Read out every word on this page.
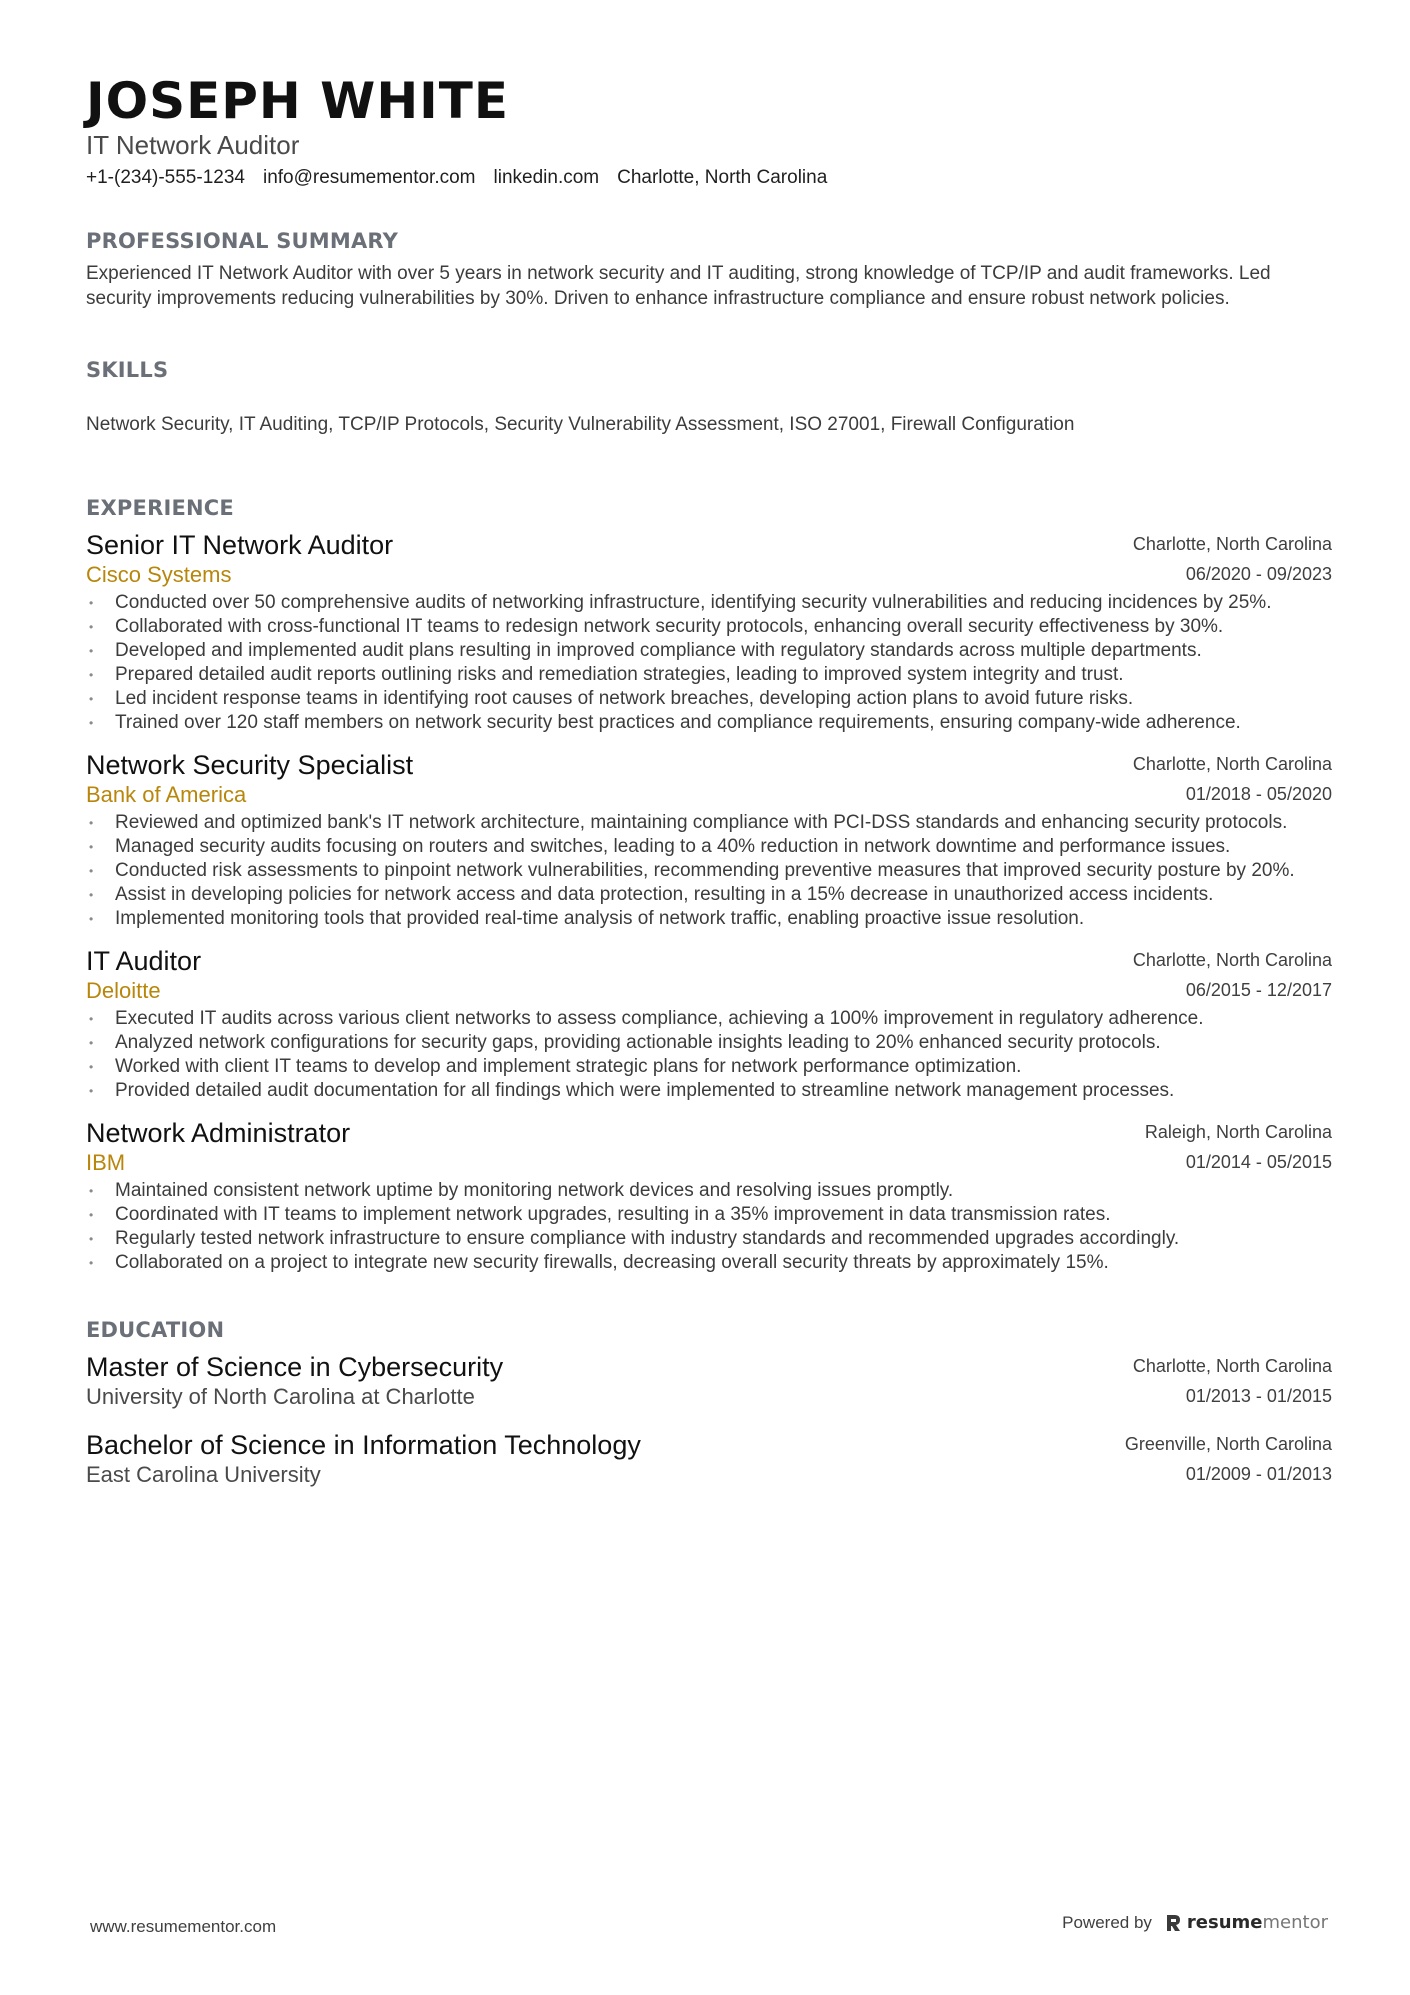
JOSEPH WHITE
IT Network Auditor
+1-(234)-555-1234 info@resumementor.com linkedin.com Charlotte, North Carolina
PROFESSIONAL SUMMARY
Experienced IT Network Auditor with over 5 years in network security and IT auditing, strong knowledge of TCP/IP and audit frameworks. Led security improvements reducing vulnerabilities by 30%. Driven to enhance infrastructure compliance and ensure robust network policies.
SKILLS
Network Security, IT Auditing, TCP/IP Protocols, Security Vulnerability Assessment, ISO 27001, Firewall Configuration
EXPERIENCE
Senior IT Network Auditor
Cisco Systems
Charlotte, North Carolina
06/2020 - 09/2023
• Conducted over 50 comprehensive audits of networking infrastructure, identifying security vulnerabilities and reducing incidences by 25%.
• Collaborated with cross-functional IT teams to redesign network security protocols, enhancing overall security effectiveness by 30%.
• Developed and implemented audit plans resulting in improved compliance with regulatory standards across multiple departments.
• Prepared detailed audit reports outlining risks and remediation strategies, leading to improved system integrity and trust.
• Led incident response teams in identifying root causes of network breaches, developing action plans to avoid future risks.
• Trained over 120 staff members on network security best practices and compliance requirements, ensuring company-wide adherence.
Network Security Specialist
Bank of America
Charlotte, North Carolina
01/2018 - 05/2020
• Reviewed and optimized bank's IT network architecture, maintaining compliance with PCI-DSS standards and enhancing security protocols.
• Managed security audits focusing on routers and switches, leading to a 40% reduction in network downtime and performance issues.
• Conducted risk assessments to pinpoint network vulnerabilities, recommending preventive measures that improved security posture by 20%.
• Assist in developing policies for network access and data protection, resulting in a 15% decrease in unauthorized access incidents.
• Implemented monitoring tools that provided real-time analysis of network traffic, enabling proactive issue resolution.
IT Auditor
Deloitte
Charlotte, North Carolina
06/2015 - 12/2017
• Executed IT audits across various client networks to assess compliance, achieving a 100% improvement in regulatory adherence.
• Analyzed network configurations for security gaps, providing actionable insights leading to 20% enhanced security protocols.
• Worked with client IT teams to develop and implement strategic plans for network performance optimization.
• Provided detailed audit documentation for all findings which were implemented to streamline network management processes.
Network Administrator
IBM
Raleigh, North Carolina
01/2014 - 05/2015
• Maintained consistent network uptime by monitoring network devices and resolving issues promptly.
• Coordinated with IT teams to implement network upgrades, resulting in a 35% improvement in data transmission rates.
• Regularly tested network infrastructure to ensure compliance with industry standards and recommended upgrades accordingly.
• Collaborated on a project to integrate new security firewalls, decreasing overall security threats by approximately 15%.
EDUCATION
Master of Science in Cybersecurity
University of North Carolina at Charlotte
Charlotte, North Carolina
01/2013 - 01/2015
Bachelor of Science in Information Technology
East Carolina University
Greenville, North Carolina
01/2009 - 01/2013
www.resumementor.com	Powered by resume mentor
